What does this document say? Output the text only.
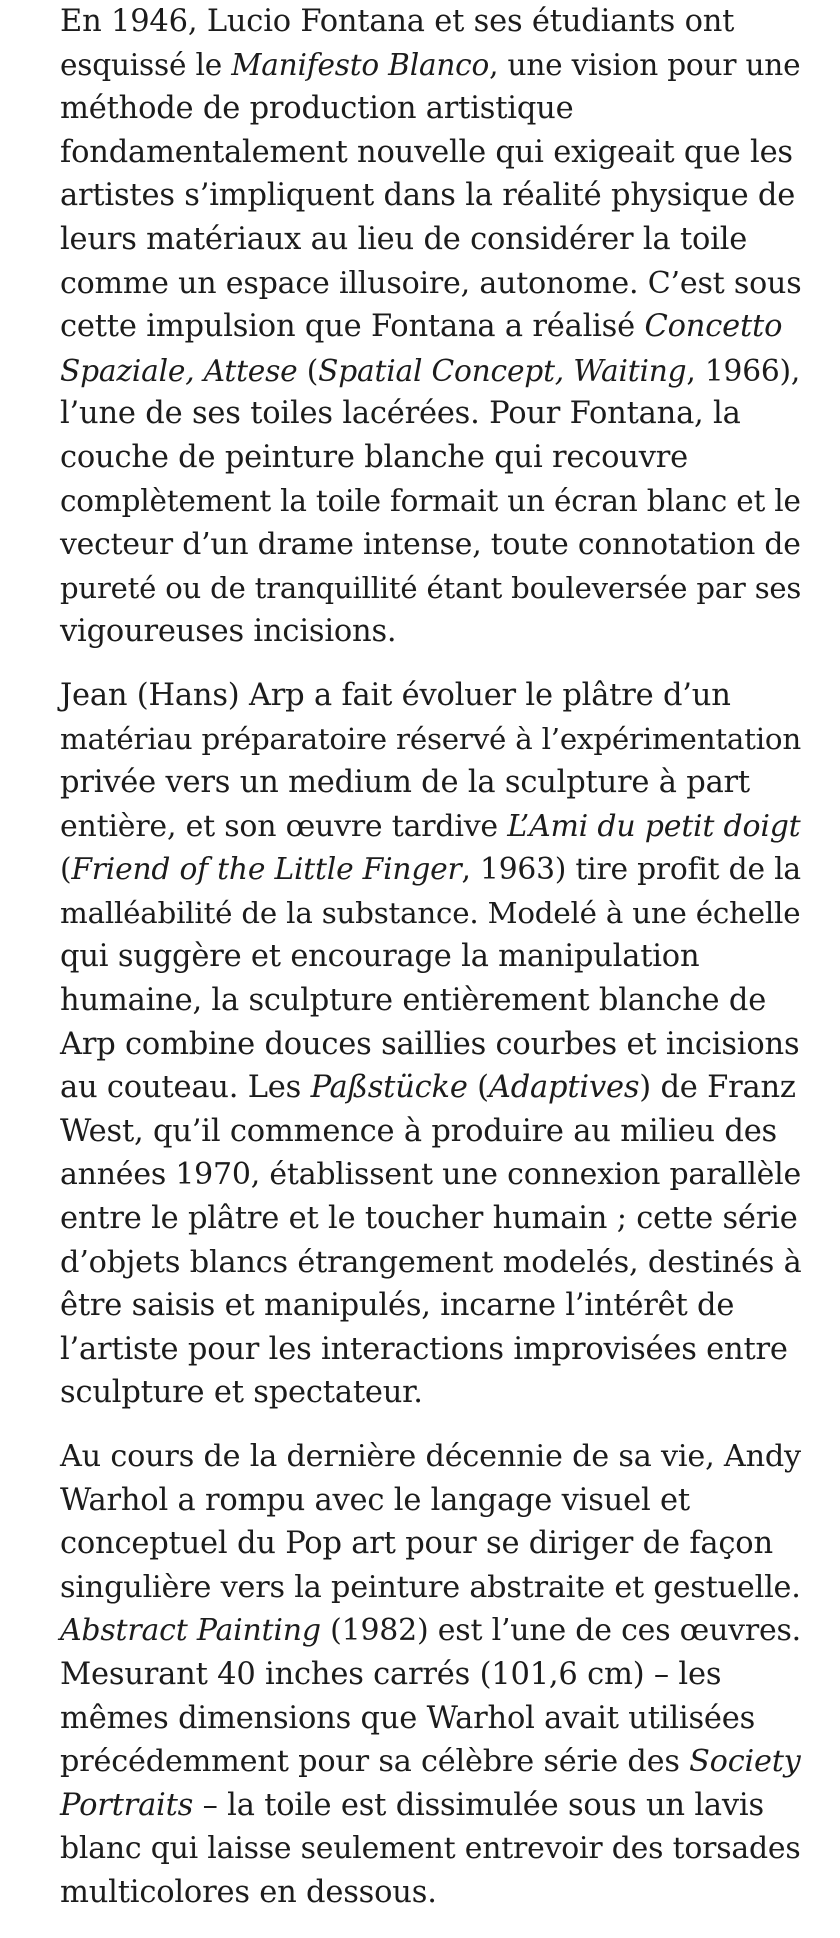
En 1946, Lucio Fontana et ses étudiants ont
esquissé le Manifesto Blanco, une vision pour une
méthode de production artistique
fondamentalement nouvelle qui exigeait que les
artistes s’impliquent dans la réalité physique de
leurs matériaux au lieu de considérer la toile
comme un espace illusoire, autonome. C’est sous
cette impulsion que Fontana a réalisé Concetto
Spaziale, Attese (Spatial Concept, Waiting, 1966),
l’une de ses toiles lacérées. Pour Fontana, la
couche de peinture blanche qui recouvre
complètement la toile formait un écran blanc et le
vecteur d’un drame intense, toute connotation de
pureté ou de tranquillité étant bouleversée par ses
vigoureuses incisions.

Jean (Hans) Arp a fait évoluer le plâtre d’un
matériau préparatoire réservé à l’expérimentation
privée vers un medium de la sculpture à part
entière, et son œuvre tardive L’Ami du petit doigt
(Friend of the Little Finger, 1963) tire profit de la
malléabilité de la substance. Modelé à une échelle
qui suggère et encourage la manipulation
humaine, la sculpture entièrement blanche de
Arp combine douces saillies courbes et incisions
au couteau. Les Paßstücke (Adaptives) de Franz
West, qu’il commence à produire au milieu des
années 1970, établissent une connexion parallèle
entre le plâtre et le toucher humain ; cette série
d’objets blancs étrangement modelés, destinés à
être saisis et manipulés, incarne l’intérêt de
l’artiste pour les interactions improvisées entre
sculpture et spectateur.

Au cours de la dernière décennie de sa vie, Andy
Warhol a rompu avec le langage visuel et
conceptuel du Pop art pour se diriger de façon
singulière vers la peinture abstraite et gestuelle.
Abstract Painting (1982) est l’une de ces œuvres.
Mesurant 40 inches carrés (101,6 cm) – les
mêmes dimensions que Warhol avait utilisées
précédemment pour sa célèbre série des Society
Portraits – la toile est dissimulée sous un lavis
blanc qui laisse seulement entrevoir des torsades
multicolores en dessous.
